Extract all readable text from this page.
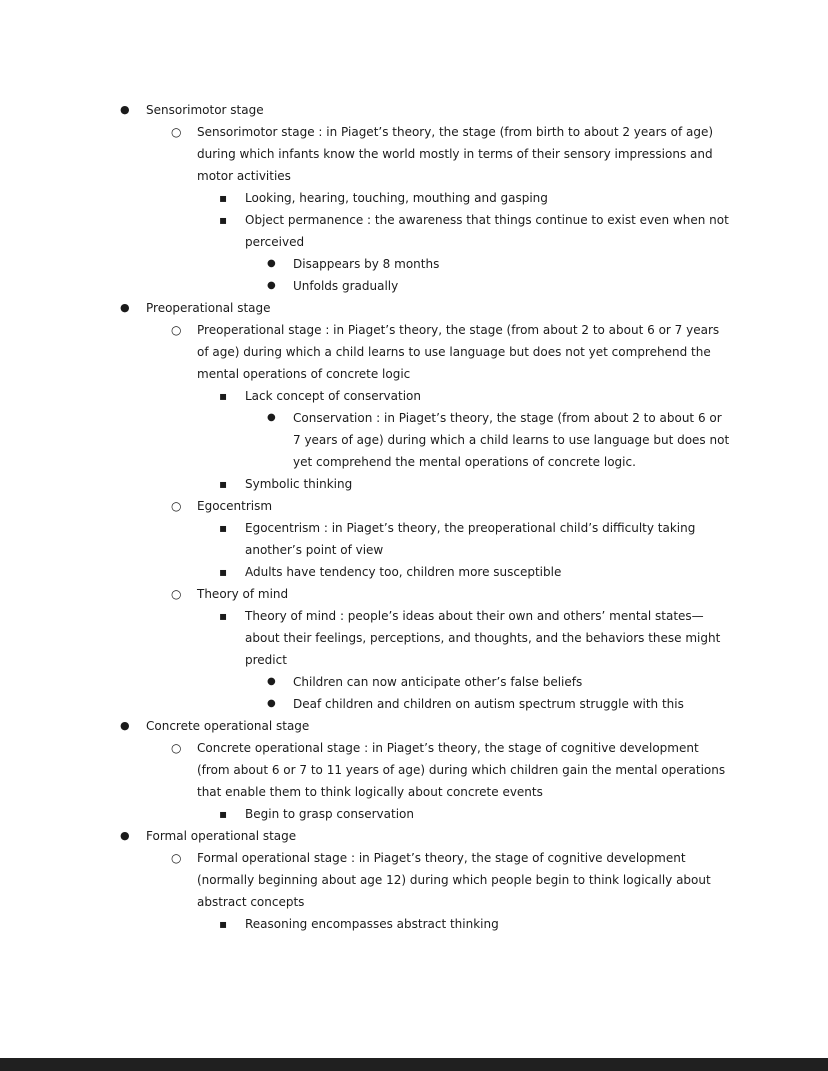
●	Sensorimotor stage
○	Sensorimotor stage : in Piaget’s theory, the stage (from birth to about 2 years of age) during which infants know the world mostly in terms of their sensory impressions and motor activities
▪	Looking, hearing, touching, mouthing and gasping
▪	Object permanence : the awareness that things continue to exist even when not perceived
●	Disappears by 8 months
●	Unfolds gradually
●	Preoperational stage
○	Preoperational stage : in Piaget’s theory, the stage (from about 2 to about 6 or 7 years of age) during which a child learns to use language but does not yet comprehend the mental operations of concrete logic
▪	Lack concept of conservation
●	Conservation : in Piaget’s theory, the stage (from about 2 to about 6 or 7 years of age) during which a child learns to use language but does not yet comprehend the mental operations of concrete logic.
▪	Symbolic thinking
○	Egocentrism
▪	Egocentrism : in Piaget’s theory, the preoperational child’s difficulty taking another’s point of view
▪	Adults have tendency too, children more susceptible
○	Theory of mind
▪	Theory of mind : people’s ideas about their own and others’ mental states—about their feelings, perceptions, and thoughts, and the behaviors these might predict
●	Children can now anticipate other’s false beliefs
●	Deaf children and children on autism spectrum struggle with this
●	Concrete operational stage
○	Concrete operational stage : in Piaget’s theory, the stage of cognitive development (from about 6 or 7 to 11 years of age) during which children gain the mental operations that enable them to think logically about concrete events
▪	Begin to grasp conservation
●	Formal operational stage
○	Formal operational stage : in Piaget’s theory, the stage of cognitive development (normally beginning about age 12) during which people begin to think logically about abstract concepts
▪	Reasoning encompasses abstract thinking
